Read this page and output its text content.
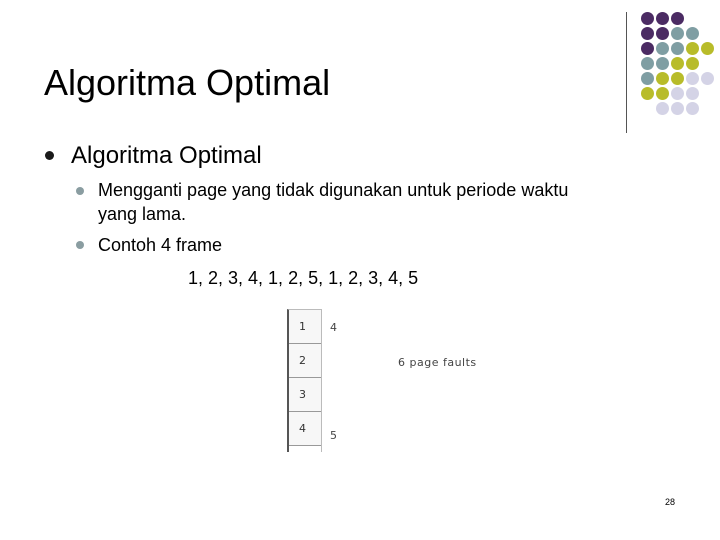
Algoritma Optimal
Algoritma Optimal
Mengganti page yang tidak digunakan untuk periode waktu
yang lama.
Contoh 4 frame
1, 2, 3, 4, 1, 2, 5, 1, 2, 3, 4, 5
1
2
3
4
4
5
6 page faults
28
